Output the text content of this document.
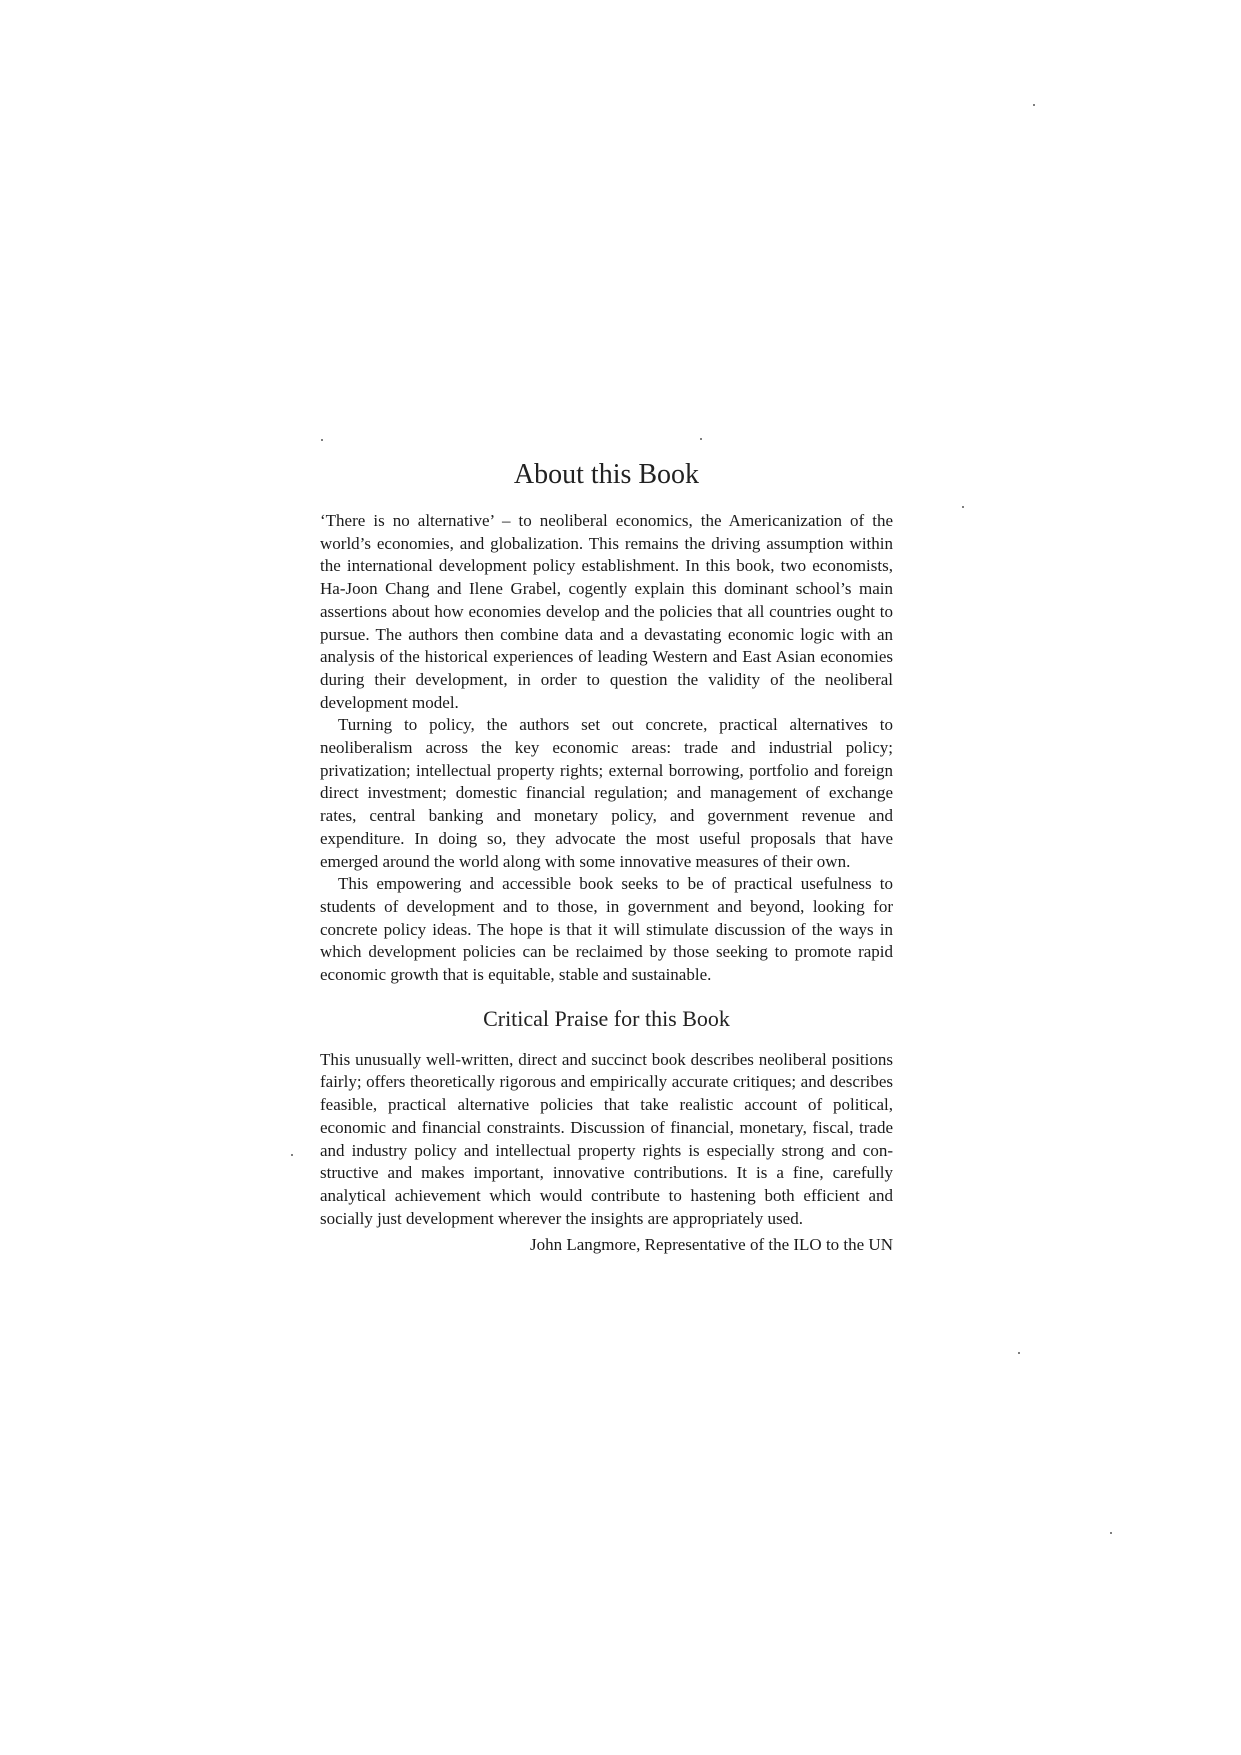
About this Book

‘There is no alternative’ – to neoliberal economics, the Americanization of the world’s economies, and globalization. This remains the driving assumption within the international development policy establishment. In this book, two economists, Ha-Joon Chang and Ilene Grabel, cogently explain this dominant school’s main assertions about how economies develop and the policies that all countries ought to pursue. The authors then combine data and a devastating economic logic with an analysis of the historical experiences of leading Western and East Asian economies during their development, in order to question the validity of the neoliberal development model.

Turning to policy, the authors set out concrete, practical alternatives to neoliberalism across the key economic areas: trade and industrial policy; privatization; intellectual property rights; external borrowing, portfolio and foreign direct investment; domestic financial regulation; and management of exchange rates, central banking and monetary policy, and government revenue and expenditure. In doing so, they advocate the most useful proposals that have emerged around the world along with some innovative measures of their own.

This empowering and accessible book seeks to be of practical usefulness to students of development and to those, in government and beyond, looking for concrete policy ideas. The hope is that it will stimulate discussion of the ways in which development policies can be reclaimed by those seeking to promote rapid economic growth that is equitable, stable and sustainable.

Critical Praise for this Book

This unusually well-written, direct and succinct book describes neoliberal positions fairly; offers theoretically rigorous and empirically accurate critiques; and describes feasible, practical alternative policies that take realistic account of political, economic and financial constraints. Discussion of financial, monetary, fiscal, trade and industry policy and intellectual property rights is especially strong and constructive and makes important, innovative contributions. It is a fine, carefully analytical achievement which would contribute to hastening both efficient and socially just development wherever the insights are appropriately used.

John Langmore, Representative of the ILO to the UN
